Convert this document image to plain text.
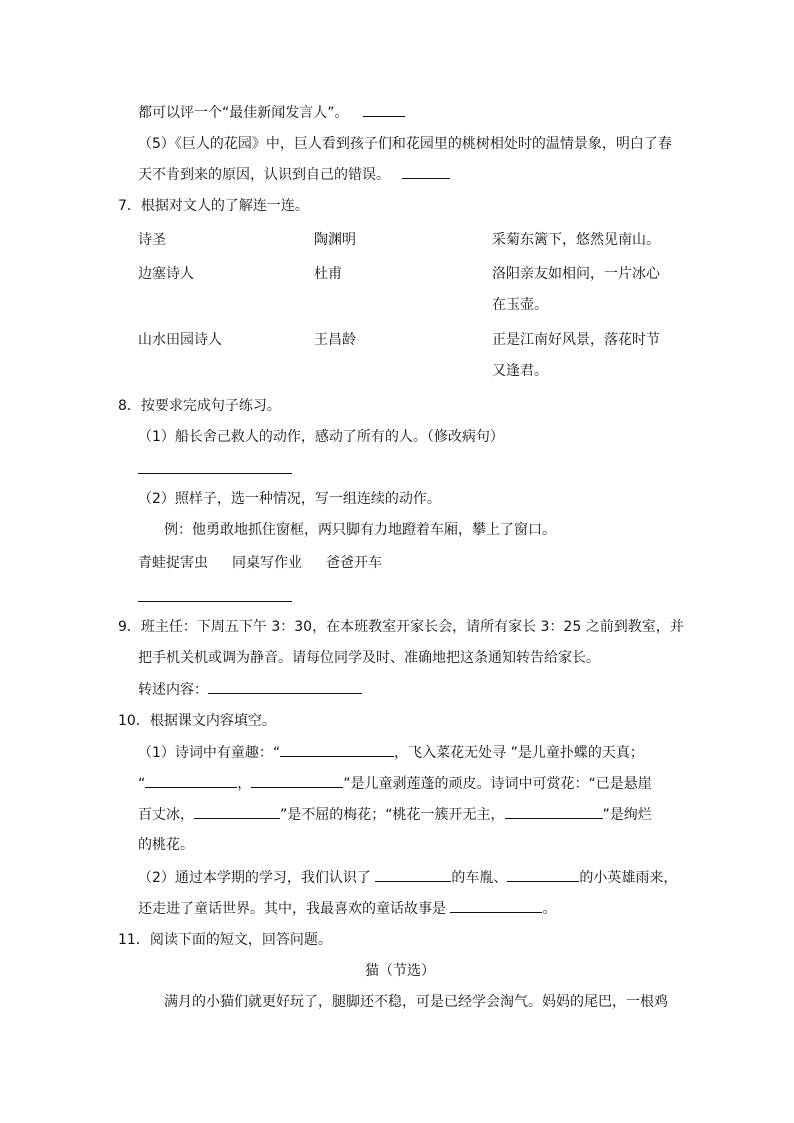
都可以评一个“最佳新闻发言人”。
（5）《巨人的花园》中，巨人看到孩子们和花园里的桃树相处时的温情景象，明白了春
天不肯到来的原因，认识到自己的错误。
7．根据对文人的了解连一连。
诗圣	陶渊明	采菊东篱下，悠然见南山。
边塞诗人	杜甫	洛阳亲友如相问，一片冰心
在玉壶。
山水田园诗人	王昌龄	正是江南好风景，落花时节
又逢君。
8．按要求完成句子练习。
（1）船长舍己救人的动作，感动了所有的人。（修改病句）
（2）照样子，选一种情况，写一组连续的动作。
例：他勇敢地抓住窗框，两只脚有力地蹬着车厢，攀上了窗口。
青蛙捉害虫 同桌写作业 爸爸开车
9．班主任：下周五下午 3：30，在本班教室开家长会，请所有家长 3：25 之前到教室，并
把手机关机或调为静音。请每位同学及时、准确地把这条通知转告给家长。
转述内容：
10．根据课文内容填空。
（1）诗词中有童趣：“	，飞入菜花无处寻 ”是儿童扑蝶的天真；
“	，	”是儿童剥莲蓬的顽皮。诗词中可赏花：“已是悬崖
百丈冰，	”是不屈的梅花；“桃花一簇开无主，	”是绚烂
的桃花。
（2）通过本学期的学习，我们认识了	的车胤、	的小英雄雨来，
还走进了童话世界。其中，我最喜欢的童话故事是	。
11．阅读下面的短文，回答问题。
猫（节选）
满月的小猫们就更好玩了，腿脚还不稳，可是已经学会淘气。妈妈的尾巴，一根鸡
